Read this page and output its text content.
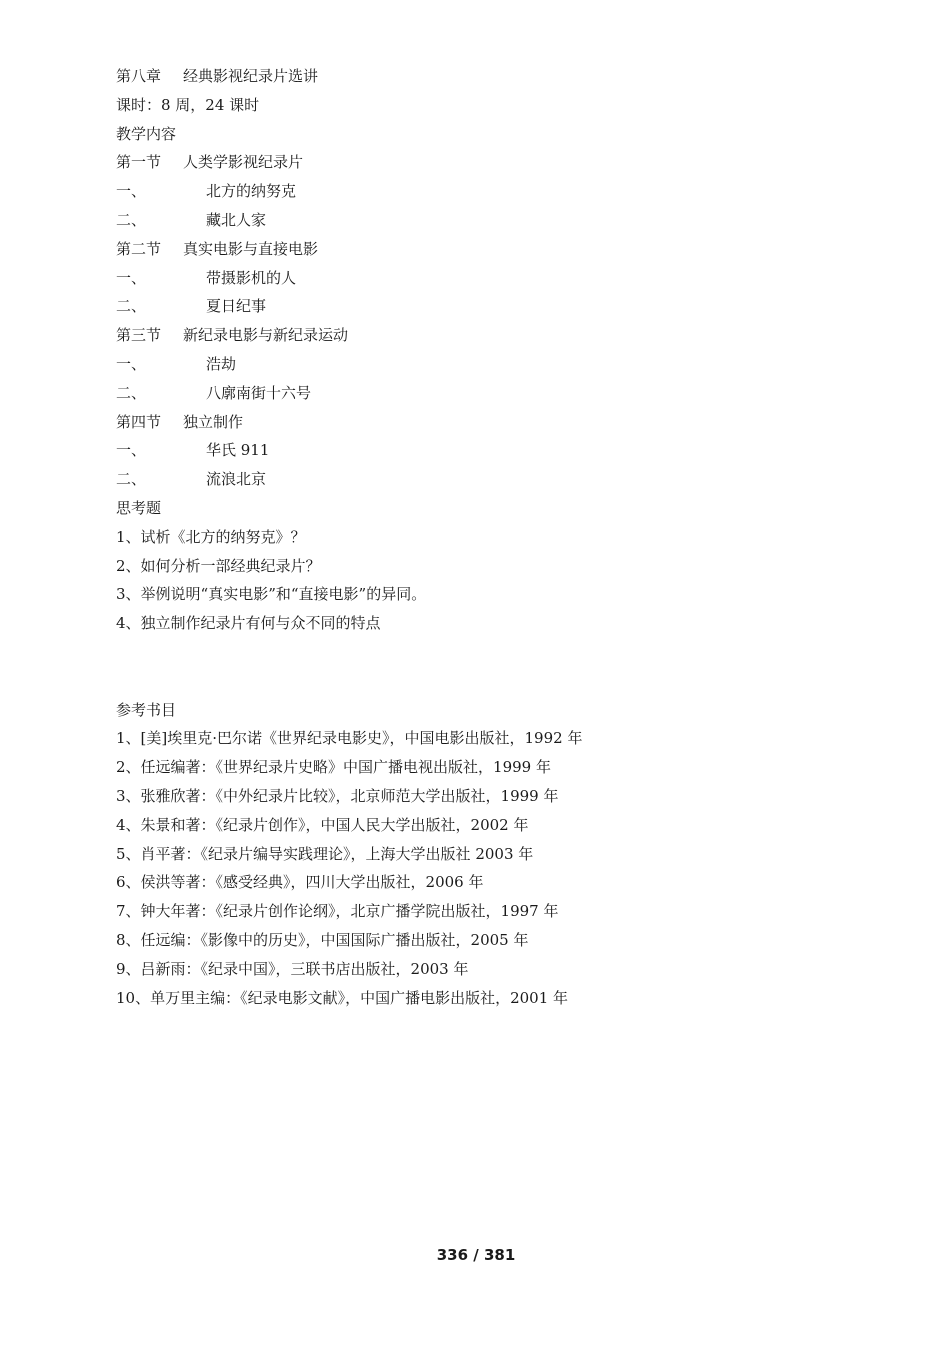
第八章 经典影视纪录片选讲
课时：8 周，24 课时
教学内容
第一节 人类学影视纪录片
一、	北方的纳努克
二、	藏北人家
第二节 真实电影与直接电影
一、	带摄影机的人
二、	夏日纪事
第三节 新纪录电影与新纪录运动
一、	浩劫
二、	八廓南街十六号
第四节 独立制作
一、	华氏 911
二、	流浪北京
思考题
1、试析《北方的纳努克》？
2、如何分析一部经典纪录片？
3、举例说明“真实电影”和“直接电影”的异同。
4、独立制作纪录片有何与众不同的特点
参考书目
1、[美]埃里克·巴尔诺《世界纪录电影史》，中国电影出版社，1992 年
2、任远编著：《世界纪录片史略》中国广播电视出版社，1999 年
3、张雅欣著：《中外纪录片比较》，北京师范大学出版社，1999 年
4、朱景和著：《纪录片创作》，中国人民大学出版社，2002 年
5、肖平著：《纪录片编导实践理论》，上海大学出版社 2003 年
6、侯洪等著：《感受经典》，四川大学出版社，2006 年
7、钟大年著：《纪录片创作论纲》，北京广播学院出版社，1997 年
8、任远编：《影像中的历史》，中国国际广播出版社，2005 年
9、吕新雨：《纪录中国》，三联书店出版社，2003 年
10、单万里主编：《纪录电影文献》，中国广播电影出版社，2001 年
336 / 381
